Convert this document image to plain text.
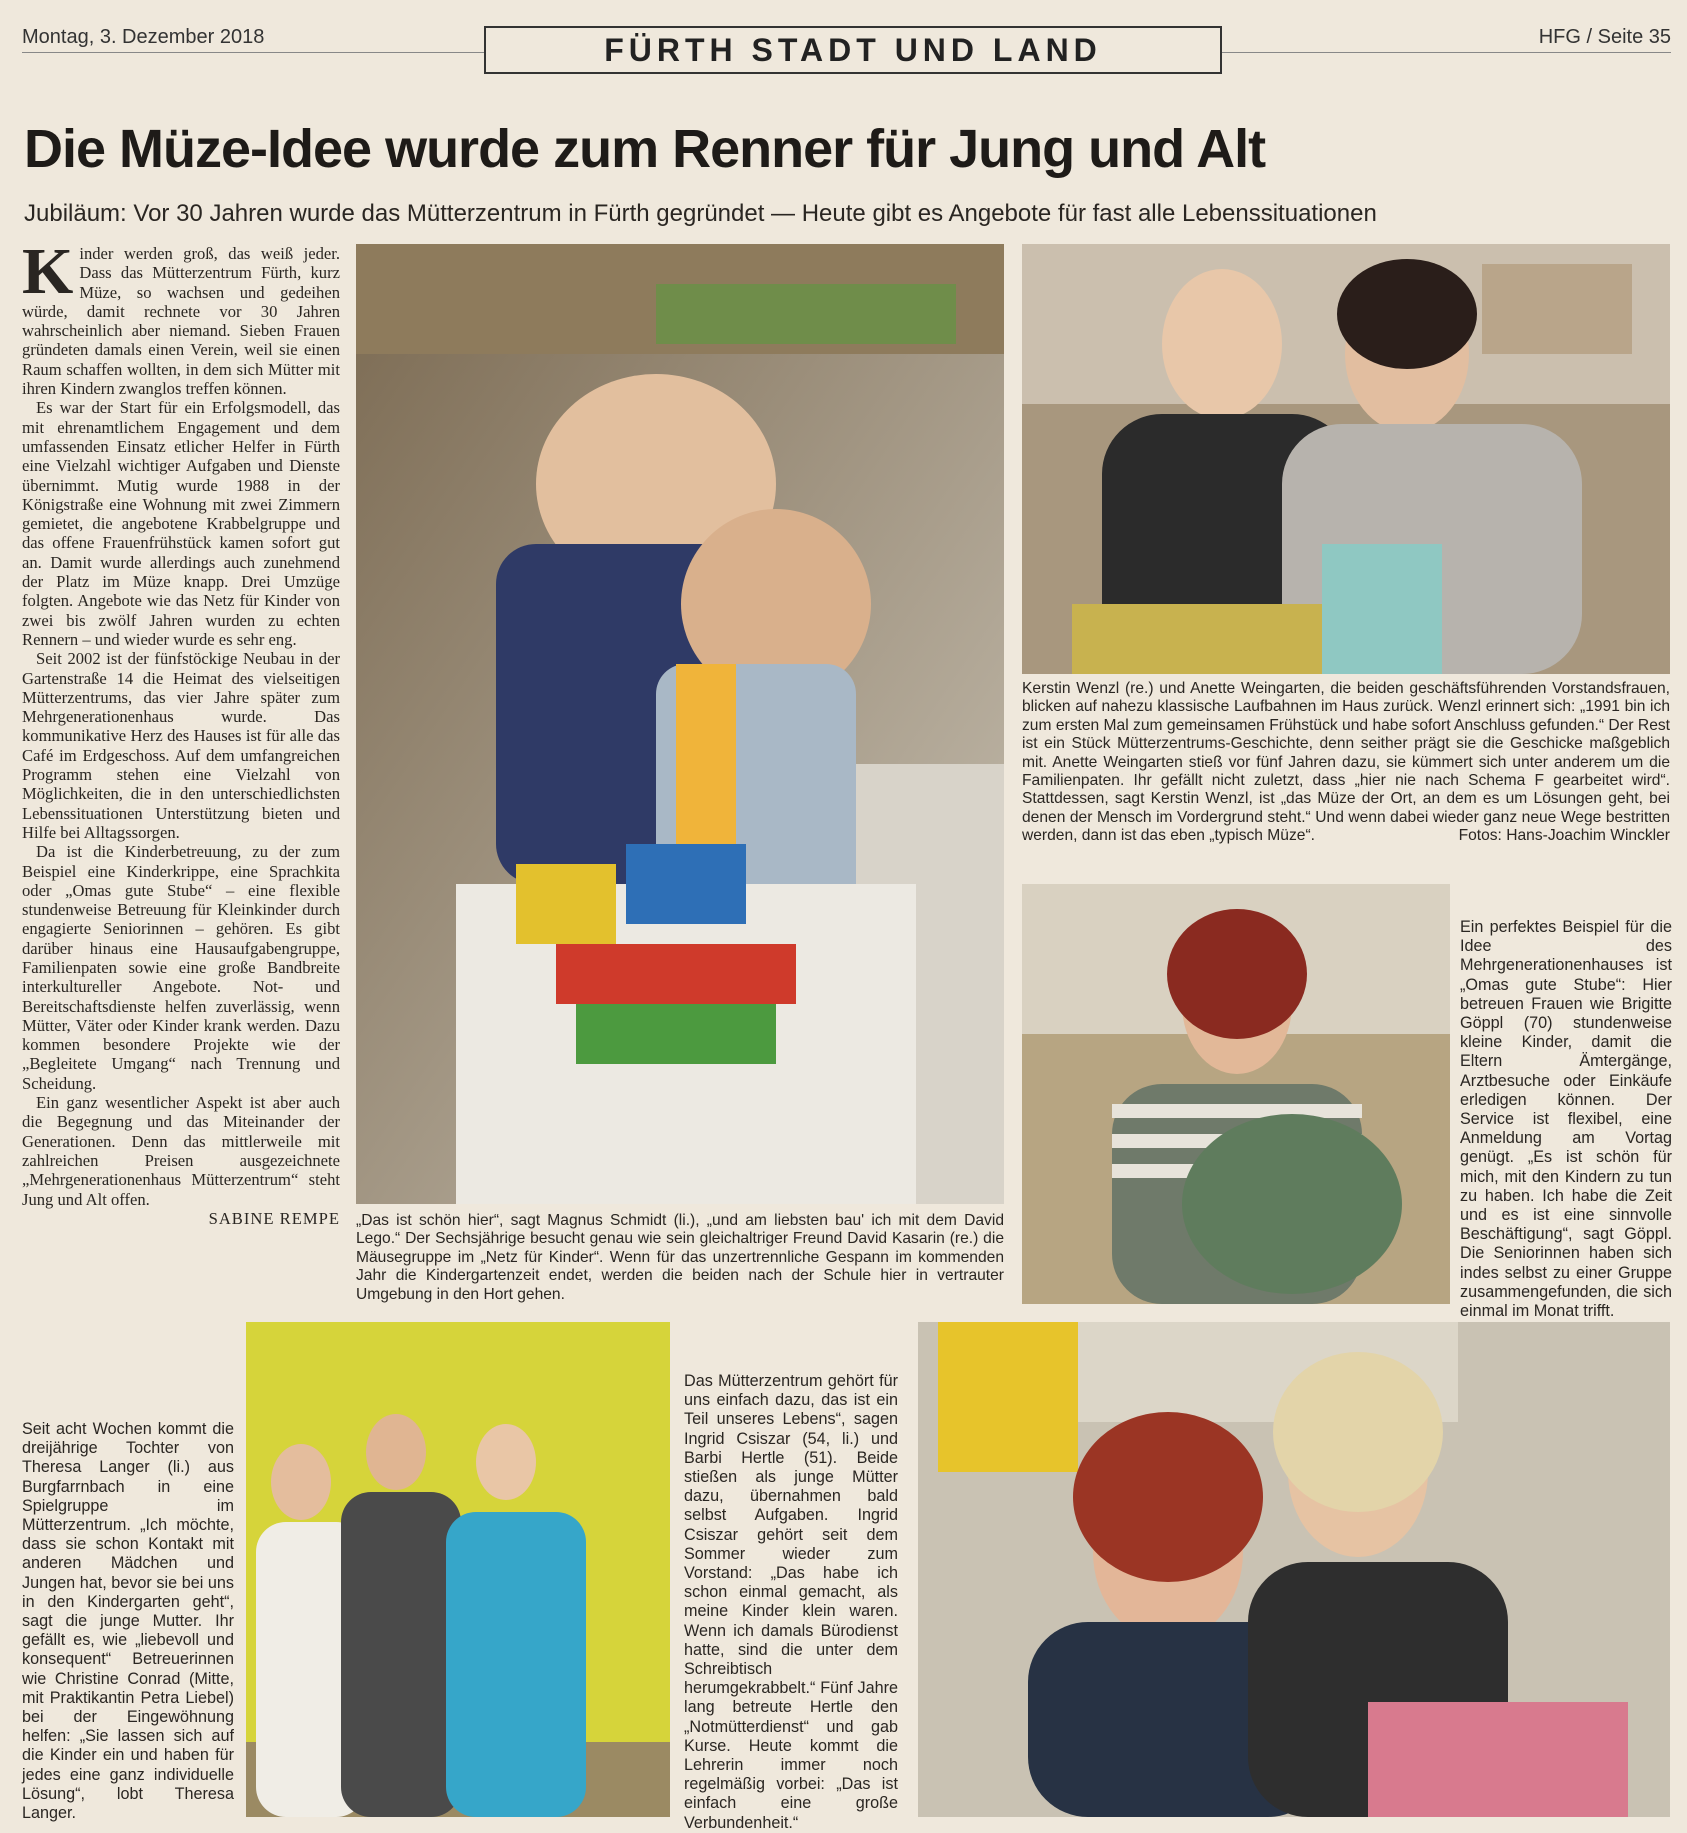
Montag, 3. Dezember 2018	FÜRTH STADT UND LAND	HFG / Seite 35
Die Müze-Idee wurde zum Renner für Jung und Alt
Jubiläum: Vor 30 Jahren wurde das Mütterzentrum in Fürth gegründet — Heute gibt es Angebote für fast alle Lebenssituationen

Kinder werden groß, das weiß jeder. Dass das Mütterzentrum Fürth, kurz Müze, so wachsen und gedeihen würde, damit rechnete vor 30 Jahren wahrscheinlich aber niemand. Sieben Frauen gründeten damals einen Verein, weil sie einen Raum schaffen wollten, in dem sich Mütter mit ihren Kindern zwanglos treffen können.

Es war der Start für ein Erfolgsmodell, das mit ehrenamtlichem Engagement und dem umfassenden Einsatz etlicher Helfer in Fürth eine Vielzahl wichtiger Aufgaben und Dienste übernimmt. Mutig wurde 1988 in der Königstraße eine Wohnung mit zwei Zimmern gemietet, die angebotene Krabbelgruppe und das offene Frauenfrühstück kamen sofort gut an. Damit wurde allerdings auch zunehmend der Platz im Müze knapp. Drei Umzüge folgten. Angebote wie das Netz für Kinder von zwei bis zwölf Jahren wurden zu echten Rennern – und wieder wurde es sehr eng.

Seit 2002 ist der fünfstöckige Neubau in der Gartenstraße 14 die Heimat des vielseitigen Mütterzentrums, das vier Jahre später zum Mehrgenerationenhaus wurde. Das kommunikative Herz des Hauses ist für alle das Café im Erdgeschoss. Auf dem umfangreichen Programm stehen eine Vielzahl von Möglichkeiten, die in den unterschiedlichsten Lebenssituationen Unterstützung bieten und Hilfe bei Alltagssorgen.

Da ist die Kinderbetreuung, zu der zum Beispiel eine Kinderkrippe, eine Sprachkita oder „Omas gute Stube“ – eine flexible stundenweise Betreuung für Kleinkinder durch engagierte Seniorinnen – gehören. Es gibt darüber hinaus eine Hausaufgabengruppe, Familienpaten sowie eine große Bandbreite interkultureller Angebote. Not- und Bereitschaftsdienste helfen zuverlässig, wenn Mütter, Väter oder Kinder krank werden. Dazu kommen besondere Projekte wie der „Begleitete Umgang“ nach Trennung und Scheidung.

Ein ganz wesentlicher Aspekt ist aber auch die Begegnung und das Miteinander der Generationen. Denn das mittlerweile mit zahlreichen Preisen ausgezeichnete „Mehrgenerationenhaus Mütterzentrum“ steht Jung und Alt offen.

SABINE REMPE „Das ist schön hier“, sagt Magnus Schmidt (li.), „und am liebsten bau' ich mit dem David Lego.“ Der Sechsjährige besucht genau wie sein gleichaltriger Freund David Kasarin (re.) die Mäusegruppe im „Netz für Kinder“. Wenn für das unzertrennliche Gespann im kommenden Jahr die Kindergartenzeit endet, werden die beiden nach der Schule hier in vertrauter Umgebung in den Hort gehen.
Kerstin Wenzl (re.) und Anette Weingarten, die beiden geschäftsführenden Vorstandsfrauen, blicken auf nahezu klassische Laufbahnen im Haus zurück. Wenzl erinnert sich: „1991 bin ich zum ersten Mal zum gemeinsamen Frühstück und habe sofort Anschluss gefunden.“ Der Rest ist ein Stück Mütterzentrums-Geschichte, denn seither prägt sie die Geschicke maßgeblich mit. Anette Weingarten stieß vor fünf Jahren dazu, sie kümmert sich unter anderem um die Familienpaten. Ihr gefällt nicht zuletzt, dass „hier nie nach Schema F gearbeitet wird“. Stattdessen, sagt Kerstin Wenzl, ist „das Müze der Ort, an dem es um Lösungen geht, bei denen der Mensch im Vordergrund steht.“ Und wenn dabei wieder ganz neue Wege bestritten werden, dann ist das eben „typisch Müze“.	Fotos: Hans-Joachim Winckler
Ein perfektes Beispiel für die Idee des Mehrgenerationenhauses ist „Omas gute Stube“: Hier betreuen Frauen wie Brigitte Göppl (70) stundenweise kleine Kinder, damit die Eltern Ämtergänge, Arztbesuche oder Einkäufe erledigen können. Der Service ist flexibel, eine Anmeldung am Vortag genügt. „Es ist schön für mich, mit den Kindern zu tun zu haben. Ich habe die Zeit und es ist eine sinnvolle Beschäftigung“, sagt Göppl. Die Seniorinnen haben sich indes selbst zu einer Gruppe zusammengefunden, die sich einmal im Monat trifft.
Seit acht Wochen kommt die dreijährige Tochter von Theresa Langer (li.) aus Burgfarrnbach in eine Spielgruppe im Mütterzentrum. „Ich möchte, dass sie schon Kontakt mit anderen Mädchen und Jungen hat, bevor sie bei uns in den Kindergarten geht“, sagt die junge Mutter. Ihr gefällt es, wie „liebevoll und konsequent“ Betreuerinnen wie Christine Conrad (Mitte, mit Praktikantin Petra Liebel) bei der Eingewöhnung helfen: „Sie lassen sich auf die Kinder ein und haben für jedes eine ganz individuelle Lösung“, lobt Theresa Langer.
Das Mütterzentrum gehört für uns einfach dazu, das ist ein Teil unseres Lebens“, sagen Ingrid Csiszar (54, li.) und Barbi Hertle (51). Beide stießen als junge Mütter dazu, übernahmen bald selbst Aufgaben. Ingrid Csiszar gehört seit dem Sommer wieder zum Vorstand: „Das habe ich schon einmal gemacht, als meine Kinder klein waren. Wenn ich damals Bürodienst hatte, sind die unter dem Schreibtisch herumgekrabbelt.“ Fünf Jahre lang betreute Hertle den „Notmütterdienst“ und gab Kurse. Heute kommt die Lehrerin immer noch regelmäßig vorbei: „Das ist einfach eine große Verbundenheit.“
